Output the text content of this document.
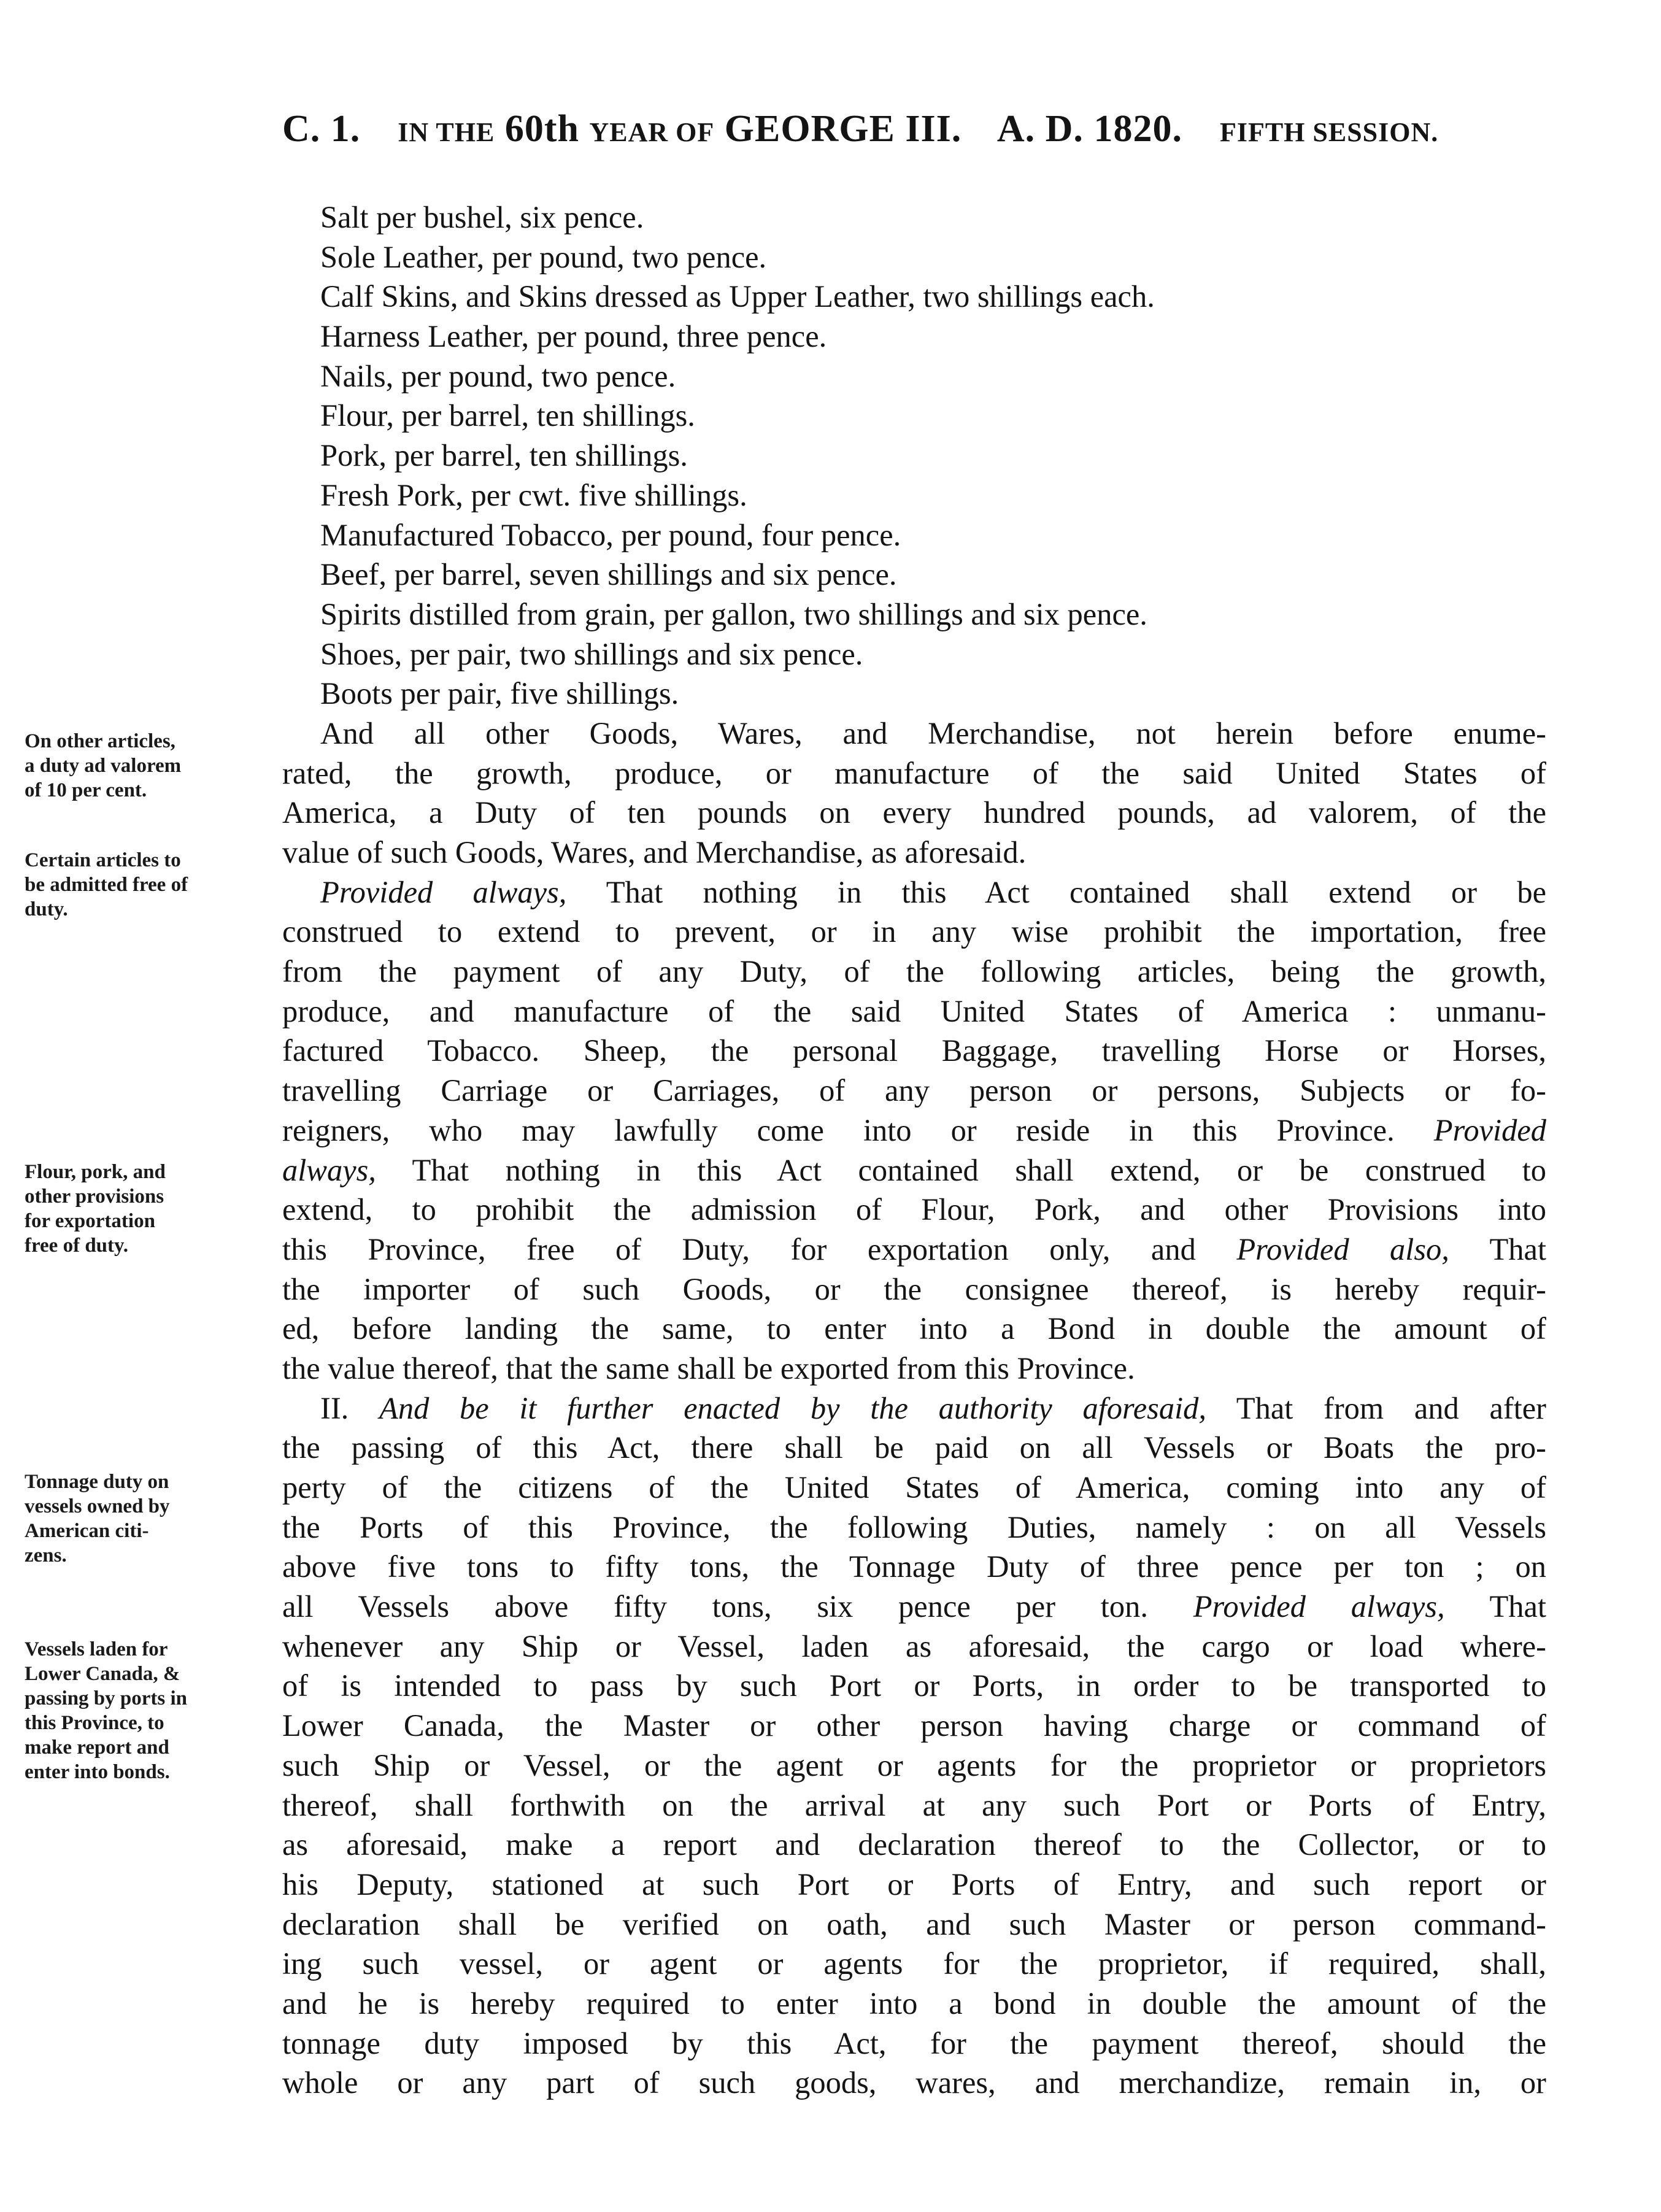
C. 1. IN THE 60th YEAR OF GEORGE III. A. D. 1820. FIFTH SESSION.
Salt per bushel, six pence.
Sole Leather, per pound, two pence.
Calf Skins, and Skins dressed as Upper Leather, two shillings each.
Harness Leather, per pound, three pence.
Nails, per pound, two pence.
Flour, per barrel, ten shillings.
Pork, per barrel, ten shillings.
Fresh Pork, per cwt. five shillings.
Manufactured Tobacco, per pound, four pence.
Beef, per barrel, seven shillings and six pence.
Spirits distilled from grain, per gallon, two shillings and six pence.
Shoes, per pair, two shillings and six pence.
Boots per pair, five shillings.
And all other Goods, Wares, and Merchandise, not herein before enume-
rated, the growth, produce, or manufacture of the said United States of
America, a Duty of ten pounds on every hundred pounds, ad valorem, of the
value of such Goods, Wares, and Merchandise, as aforesaid.
Provided always, That nothing in this Act contained shall extend or be
construed to extend to prevent, or in any wise prohibit the importation, free
from the payment of any Duty, of the following articles, being the growth,
produce, and manufacture of the said United States of America : unmanu-
factured Tobacco. Sheep, the personal Baggage, travelling Horse or Horses,
travelling Carriage or Carriages, of any person or persons, Subjects or fo-
reigners, who may lawfully come into or reside in this Province. Provided
always, That nothing in this Act contained shall extend, or be construed to
extend, to prohibit the admission of Flour, Pork, and other Provisions into
this Province, free of Duty, for exportation only, and Provided also, That
the importer of such Goods, or the consignee thereof, is hereby requir-
ed, before landing the same, to enter into a Bond in double the amount of
the value thereof, that the same shall be exported from this Province.
II. And be it further enacted by the authority aforesaid, That from and after
the passing of this Act, there shall be paid on all Vessels or Boats the pro-
perty of the citizens of the United States of America, coming into any of
the Ports of this Province, the following Duties, namely : on all Vessels
above five tons to fifty tons, the Tonnage Duty of three pence per ton ; on
all Vessels above fifty tons, six pence per ton. Provided always, That
whenever any Ship or Vessel, laden as aforesaid, the cargo or load where-
of is intended to pass by such Port or Ports, in order to be transported to
Lower Canada, the Master or other person having charge or command of
such Ship or Vessel, or the agent or agents for the proprietor or proprietors
thereof, shall forthwith on the arrival at any such Port or Ports of Entry,
as aforesaid, make a report and declaration thereof to the Collector, or to
his Deputy, stationed at such Port or Ports of Entry, and such report or
declaration shall be verified on oath, and such Master or person command-
ing such vessel, or agent or agents for the proprietor, if required, shall,
and he is hereby required to enter into a bond in double the amount of the
tonnage duty imposed by this Act, for the payment thereof, should the
whole or any part of such goods, wares, and merchandize, remain in, or
On other articles,
a duty ad valorem
of 10 per cent.
Certain articles to
be admitted free of
duty.
Flour, pork, and
other provisions
for exportation
free of duty.
Tonnage duty on
vessels owned by
American citi-
zens.
Vessels laden for
Lower Canada, &
passing by ports in
this Province, to
make report and
enter into bonds.
